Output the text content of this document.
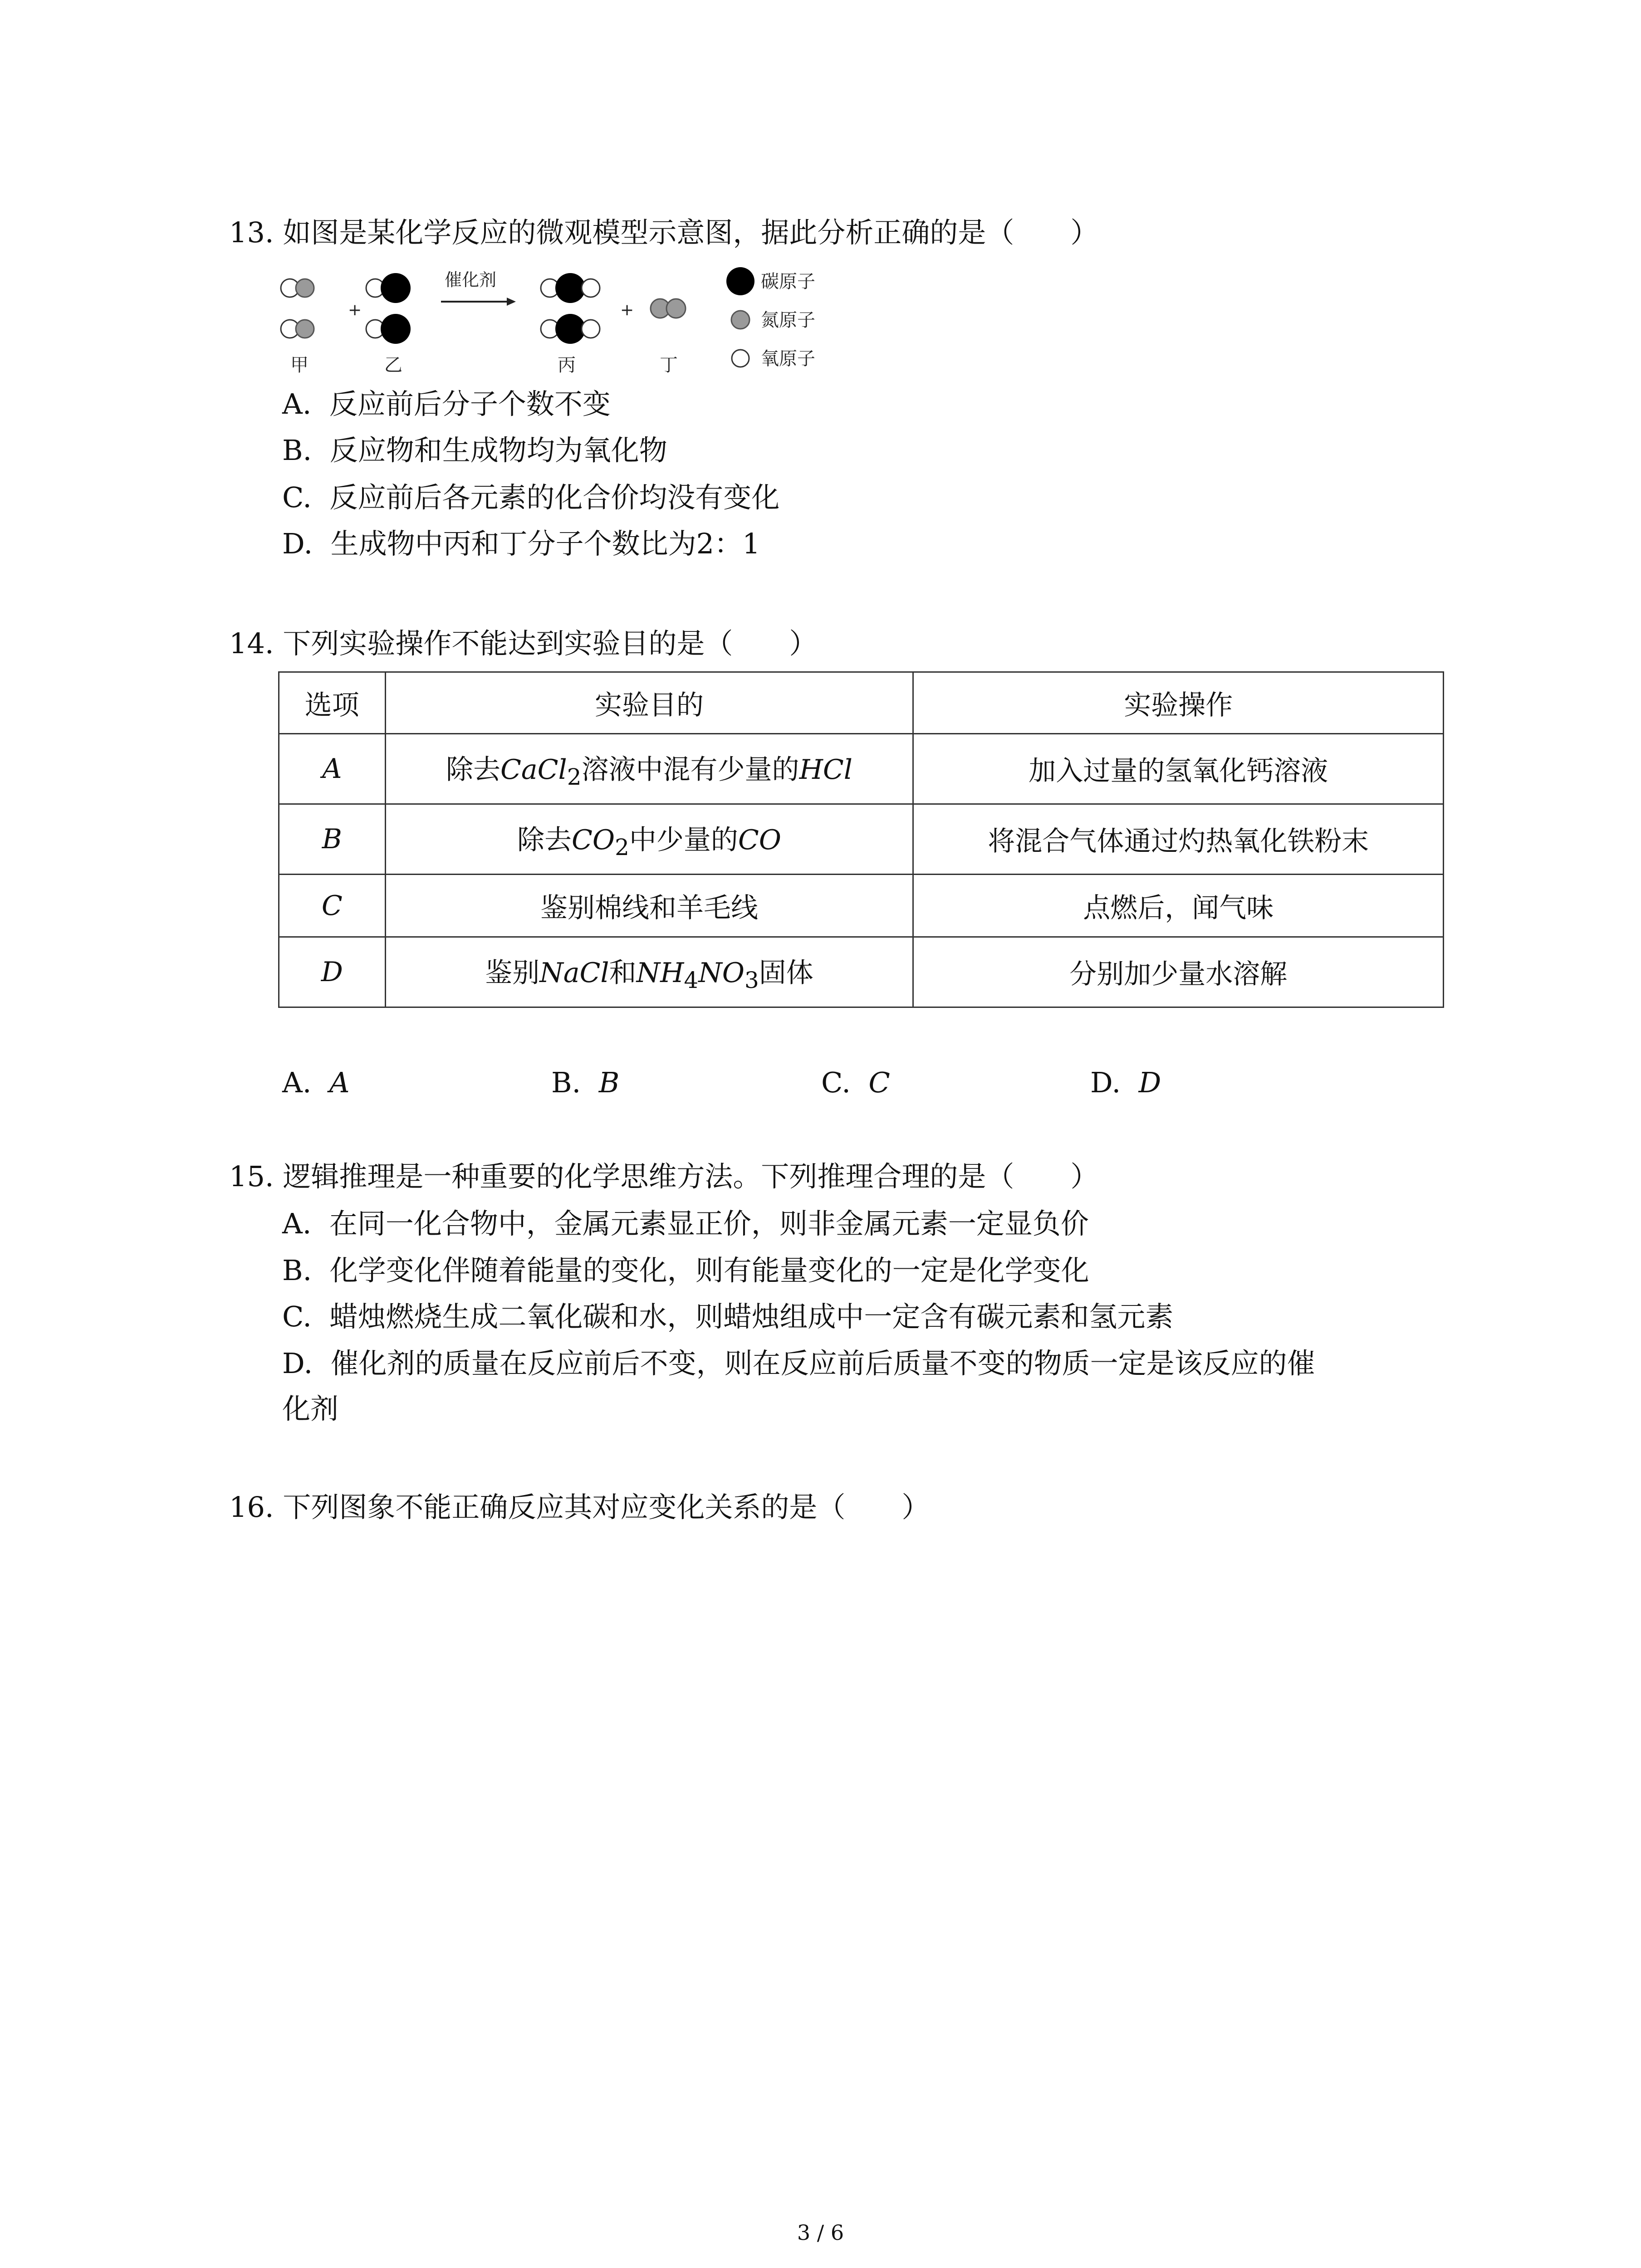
13. 如图是某化学反应的微观模型示意图，据此分析正确的是（　　）
+
催化剂
+
碳原子
氮原子
氧原子
甲	乙	丙	丁
A. 反应前后分子个数不变
B. 反应物和生成物均为氧化物
C. 反应前后各元素的化合价均没有变化
D. 生成物中丙和丁分子个数比为2：1
14. 下列实验操作不能达到实验目的是（　　）
选项	实验目的	实验操作
A	除去CaCl$_2$溶液中混有少量的HCl	加入过量的氢氧化钙溶液
B	除去$CO_2$中少量的CO	将混合气体通过灼热氧化铁粉末
C	鉴别棉线和羊毛线	点燃后，闻气味
D	鉴别NaCl和$NH_4NO_3$固体	分别加少量水溶解
A. A	B. B	C. C	D. D
15. 逻辑推理是一种重要的化学思维方法。下列推理合理的是（　　）
A. 在同一化合物中，金属元素显正价，则非金属元素一定显负价
B. 化学变化伴随着能量的变化，则有能量变化的一定是化学变化
C. 蜡烛燃烧生成二氧化碳和水，则蜡烛组成中一定含有碳元素和氢元素
D. 催化剂的质量在反应前后不变，则在反应前后质量不变的物质一定是该反应的催
化剂
16. 下列图象不能正确反应其对应变化关系的是（　　）
3 / 6
